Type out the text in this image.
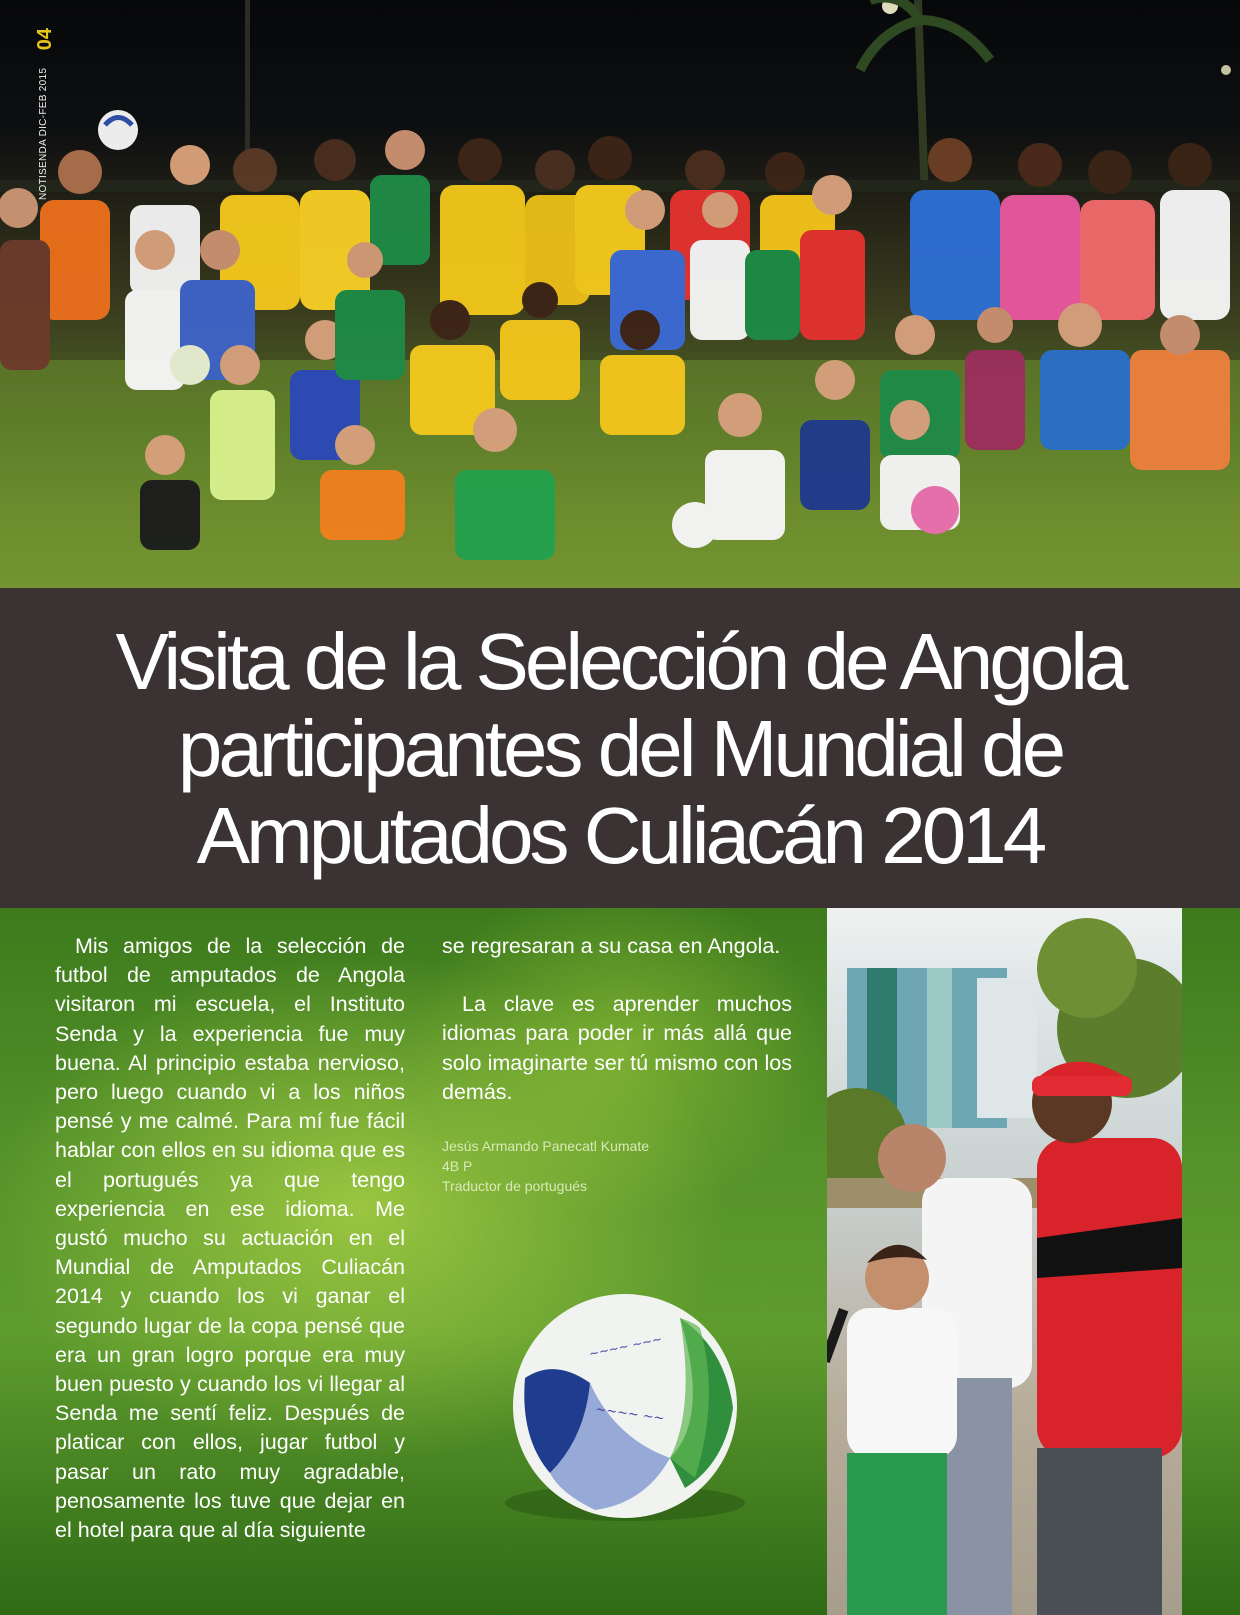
04
NOTISENDA DIC-FEB 2015
Visita de la Selección de Angola
participantes del Mundial de
Amputados Culiacán 2014

Mis amigos de la selección de futbol de amputados de Angola visitaron mi escuela, el Instituto Senda y la experiencia fue muy buena. Al principio estaba nervioso, pero luego cuando vi a los niños pensé y me calmé. Para mí fue fácil hablar con ellos en su idioma que es el portugués ya que tengo experiencia en ese idioma. Me gustó mucho su actuación en el Mundial de Amputados Culiacán 2014 y cuando los vi ganar el segundo lugar de la copa pensé que era un gran logro porque era muy buen puesto y cuando los vi llegar al Senda me sentí feliz. Después de platicar con ellos, jugar futbol y pasar un rato muy agradable, penosamente los tuve que dejar en el hotel para que al día siguiente

se regresaran a su casa en Angola.

La clave es aprender muchos idiomas para poder ir más allá que solo imaginarte ser tú mismo con los demás.

Jesús Armando Panecatl Kumate
4B P
Traductor de portugués
~~~~ ~~~
~~~~ ~~
